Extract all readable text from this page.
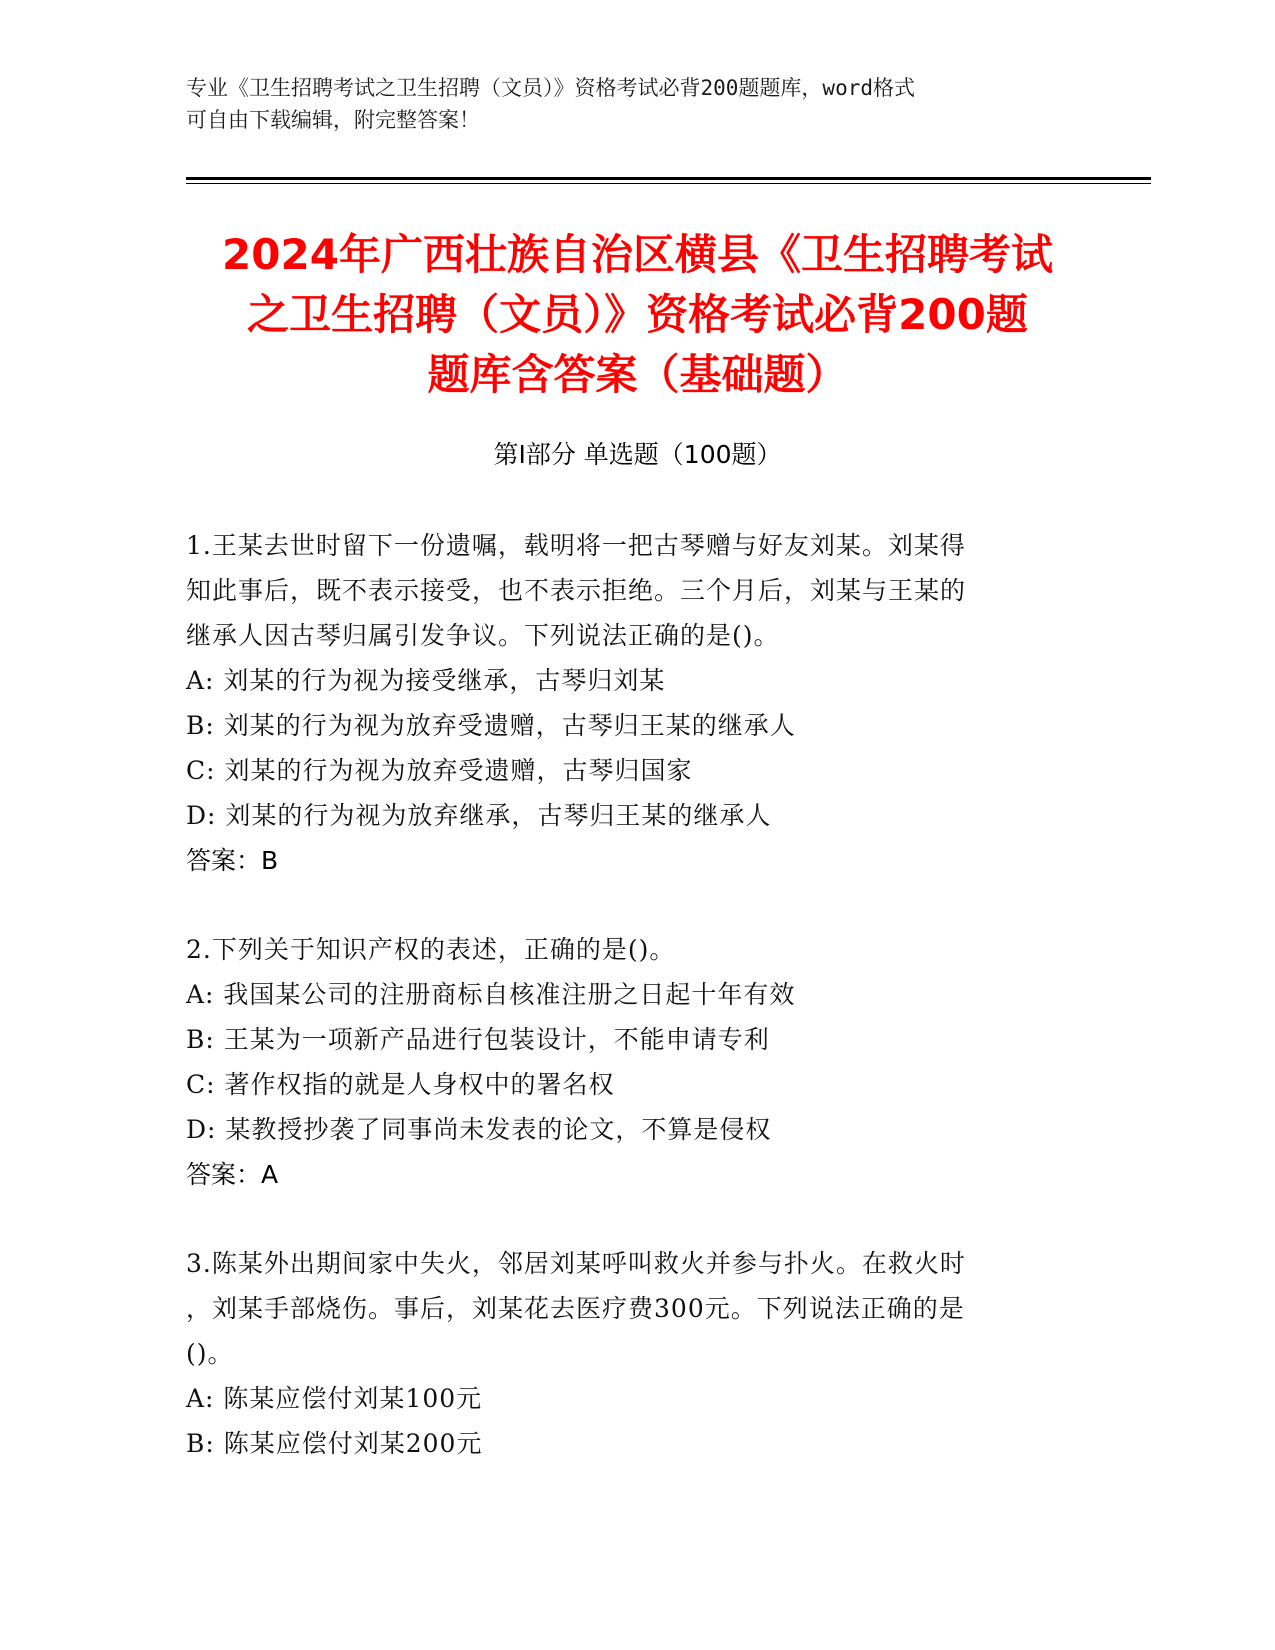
专业《卫生招聘考试之卫生招聘（文员）》资格考试必背200题题库，word格式
可自由下载编辑，附完整答案！
2024年广西壮族自治区横县《卫生招聘考试
之卫生招聘（文员）》资格考试必背200题
题库含答案（基础题）
第Ⅰ部分 单选题（100题）
1.王某去世时留下一份遗嘱，载明将一把古琴赠与好友刘某。刘某得
知此事后，既不表示接受，也不表示拒绝。三个月后，刘某与王某的
继承人因古琴归属引发争议。下列说法正确的是()。
A: 刘某的行为视为接受继承，古琴归刘某
B: 刘某的行为视为放弃受遗赠，古琴归王某的继承人
C: 刘某的行为视为放弃受遗赠，古琴归国家
D: 刘某的行为视为放弃继承，古琴归王某的继承人
答案：B
2.下列关于知识产权的表述，正确的是()。
A: 我国某公司的注册商标自核准注册之日起十年有效
B: 王某为一项新产品进行包装设计，不能申请专利
C: 著作权指的就是人身权中的署名权
D: 某教授抄袭了同事尚未发表的论文，不算是侵权
答案：A
3.陈某外出期间家中失火，邻居刘某呼叫救火并参与扑火。在救火时
，刘某手部烧伤。事后，刘某花去医疗费300元。下列说法正确的是
()。
A: 陈某应偿付刘某100元
B: 陈某应偿付刘某200元
